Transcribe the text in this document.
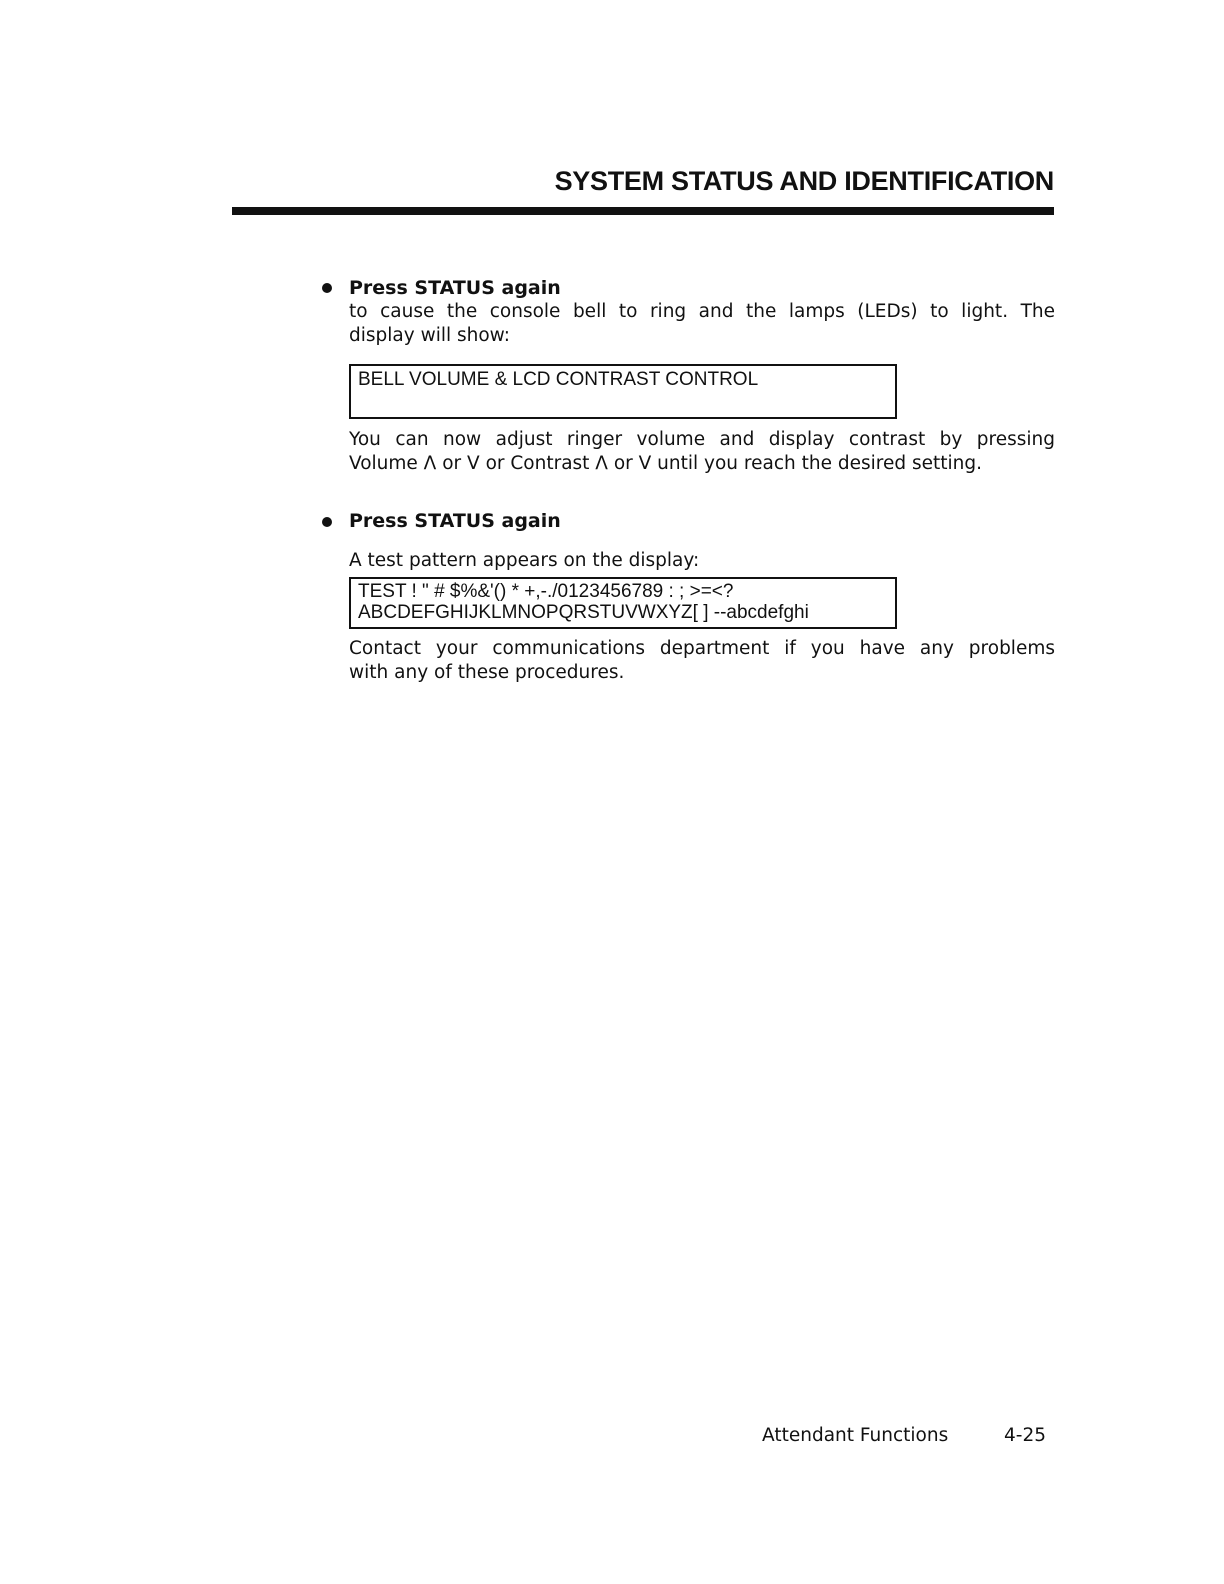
SYSTEM STATUS AND IDENTIFICATION
Press STATUS again
to cause the console bell to ring and the lamps (LEDs) to light. The
display will show:
BELL VOLUME & LCD CONTRAST CONTROL
You can now adjust ringer volume and display contrast by pressing
Volume Λ or V or Contrast Λ or V until you reach the desired setting.
Press STATUS again
A test pattern appears on the display:
TEST ! " # $%&'() * +,-./0123456789 : ; >=<?
ABCDEFGHIJKLMNOPQRSTUVWXYZ[ ] --abcdefghi
Contact your communications department if you have any problems
with any of these procedures.
Attendant Functions	4-25
